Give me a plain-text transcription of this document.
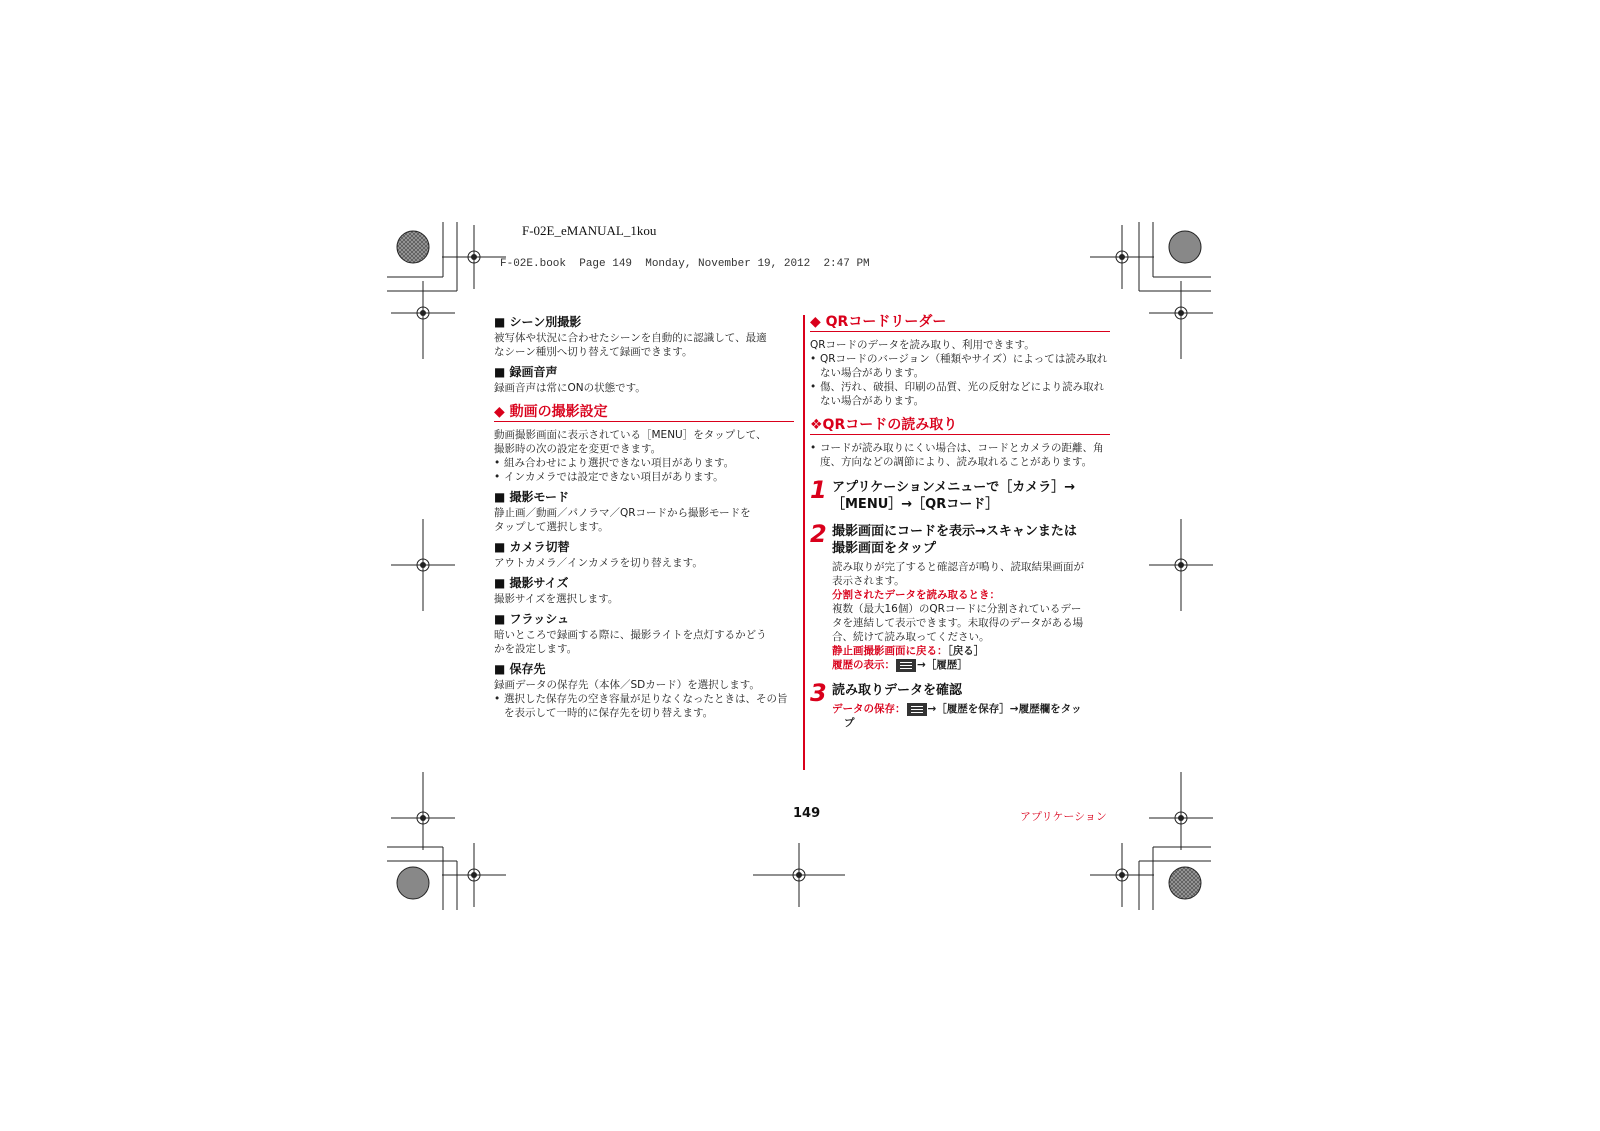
F-02E_eMANUAL_1kou
F-02E.book  Page 149  Monday, November 19, 2012  2:47 PM
■ シーン別撮影
被写体や状況に合わせたシーンを自動的に認識して、最適
なシーン種別へ切り替えて録画できます。
■ 録画音声
録画音声は常にONの状態です。
◆ 動画の撮影設定
動画撮影画面に表示されている［MENU］をタップして、
撮影時の次の設定を変更できます。
• 組み合わせにより選択できない項目があります。
• インカメラでは設定できない項目があります。
■ 撮影モード
静止画／動画／パノラマ／QRコードから撮影モードを
タップして選択します。
■ カメラ切替
アウトカメラ／インカメラを切り替えます。
■ 撮影サイズ
撮影サイズを選択します。
■ フラッシュ
暗いところで録画する際に、撮影ライトを点灯するかどう
かを設定します。
■ 保存先
録画データの保存先（本体／SDカード）を選択します。
• 選択した保存先の空き容量が足りなくなったときは、その旨を表示して一時的に保存先を切り替えます。
◆ QRコードリーダー
QRコードのデータを読み取り、利用できます。
• QRコードのバージョン（種類やサイズ）によっては読み取れない場合があります。
• 傷、汚れ、破損、印刷の品質、光の反射などにより読み取れない場合があります。
❖QRコードの読み取り
• コードが読み取りにくい場合は、コードとカメラの距離、角度、方向などの調節により、読み取れることがあります。
1 アプリケーションメニューで［カメラ］→
［MENU］→［QRコード］
2 撮影画面にコードを表示→スキャンまたは
撮影画面をタップ
読み取りが完了すると確認音が鳴り、読取結果画面が
表示されます。
分割されたデータを読み取るとき：
複数（最大16個）のQRコードに分割されているデー
タを連結して表示できます。未取得のデータがある場
合、続けて読み取ってください。
静止画撮影画面に戻る：［戻る］
履歴の表示： →［履歴］
3 読み取りデータを確認
データの保存： →［履歴を保存］→履歴欄をタッ
プ
149	アプリケーション
